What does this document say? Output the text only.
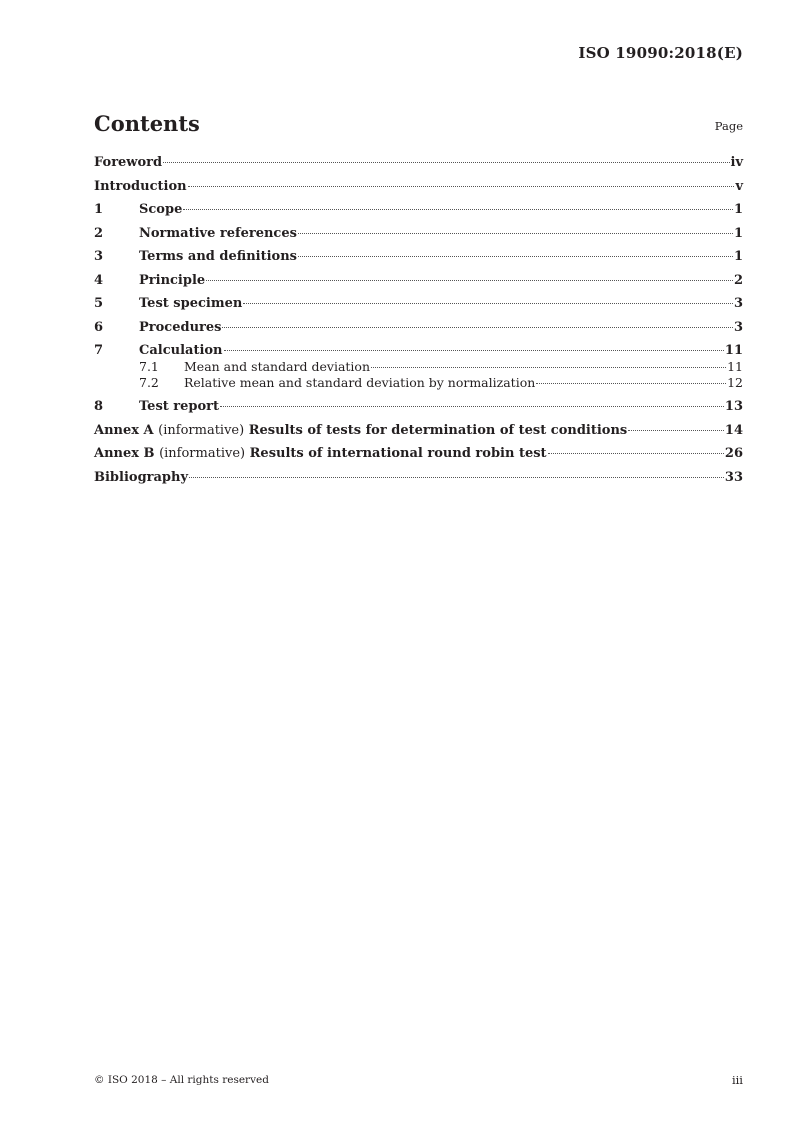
ISO 19090:2018(E)
Contents	Page
Foreword	iv
Introduction	v
1	Scope	1
2	Normative references	1
3	Terms and definitions	1
4	Principle	2
5	Test specimen	3
6	Procedures	3
7	Calculation	11
7.1	Mean and standard deviation	11
7.2	Relative mean and standard deviation by normalization	12
8	Test report	13
Annex A (informative) Results of tests for determination of test conditions	14
Annex B (informative) Results of international round robin test	26
Bibliography	33
© ISO 2018 – All rights reserved	iii
